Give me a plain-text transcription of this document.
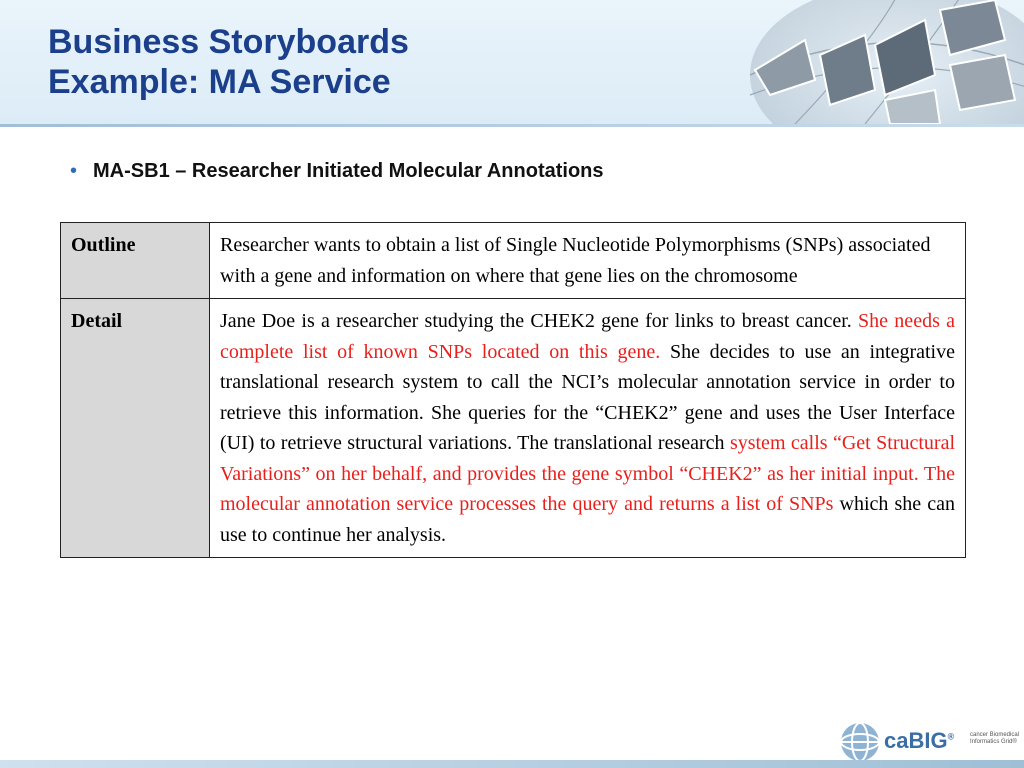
Business Storyboards
Example: MA Service
• MA-SB1 – Researcher Initiated Molecular Annotations
Outline	Researcher wants to obtain a list of Single Nucleotide Polymorphisms (SNPs) associated with a gene and information on where that gene lies on the chromosome
Detail	Jane Doe is a researcher studying the CHEK2 gene for links to breast cancer. She needs a complete list of known SNPs located on this gene. She decides to use an integrative translational research system to call the NCI’s molecular annotation service in order to retrieve this information. She queries for the “CHEK2” gene and uses the User Interface (UI) to retrieve structural variations. The translational research system calls “Get Structural Variations” on her behalf, and provides the gene symbol “CHEK2” as her initial input. The molecular annotation service processes the query and returns a list of SNPs which she can use to continue her analysis.
caBIG®	cancer Biomedical Informatics Grid®
